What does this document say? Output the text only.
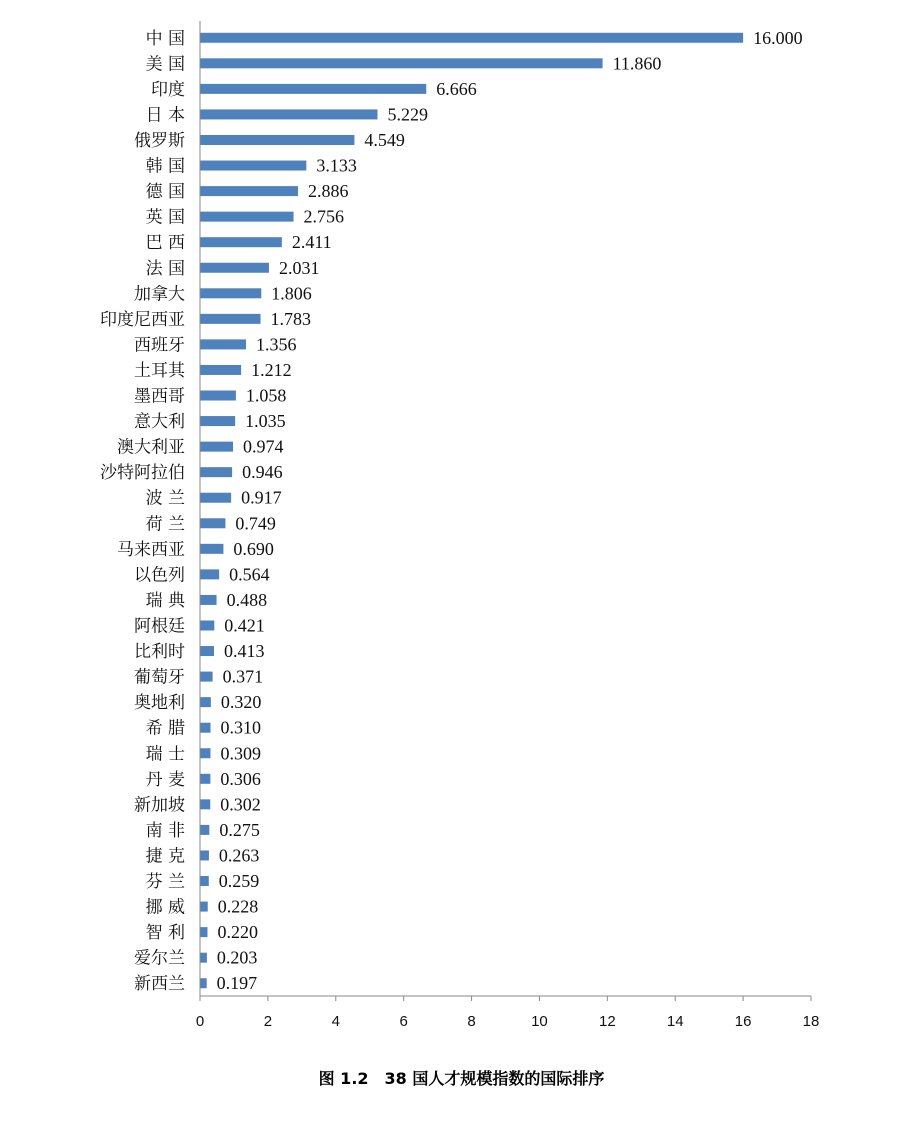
中 国
美 国
印度
日 本
俄罗斯
韩 国
德 国
英 国
巴 西
法 国
加拿大
印度尼西亚
西班牙
土耳其
墨西哥
意大利
澳大利亚
沙特阿拉伯
波 兰
荷 兰
马来西亚
以色列
瑞 典
阿根廷
比利时
葡萄牙
奥地利
希 腊
瑞 士
丹 麦
新加坡
南 非
捷 克
芬 兰
挪 威
智 利
爱尔兰
新西兰
16.000
11.860
6.666
5.229
4.549
3.133
2.886
2.756
2.411
2.031
1.806
1.783
1.356
1.212
1.058
1.035
0.974
0.946
0.917
0.749
0.690
0.564
0.488
0.421
0.413
0.371
0.320
0.310
0.309
0.306
0.302
0.275
0.263
0.259
0.228
0.220
0.203
0.197
0	2	4	6	8	10	12	14	16	18
图 1.2　38 国人才规模指数的国际排序
